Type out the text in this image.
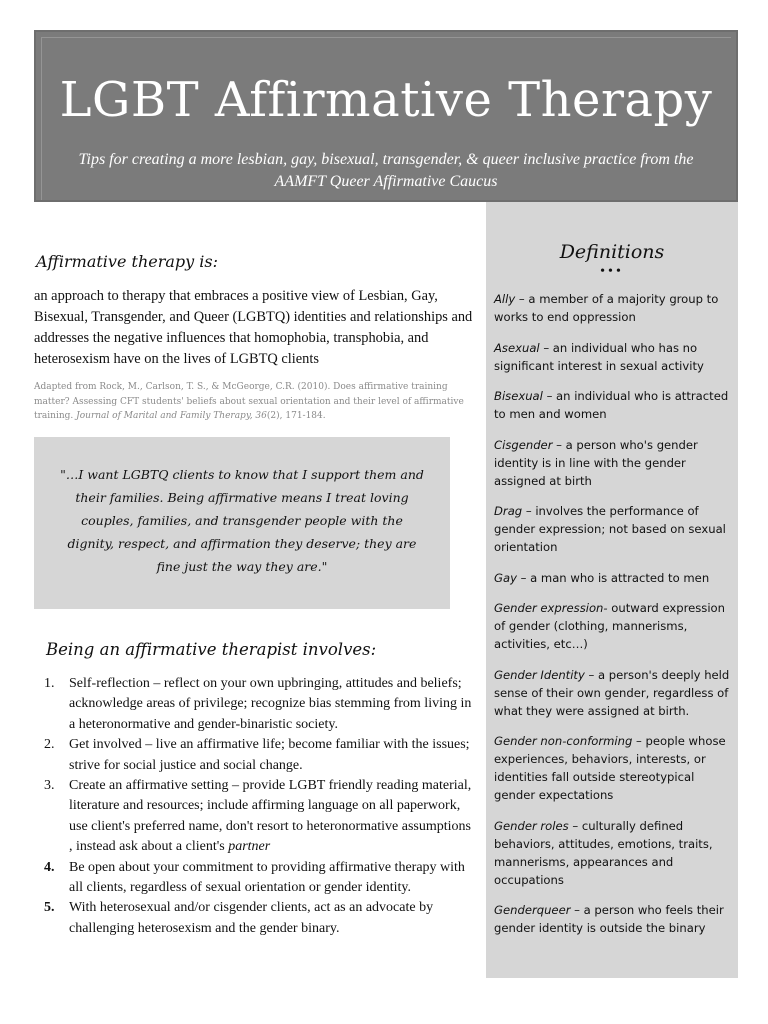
LGBT Affirmative Therapy
Tips for creating a more lesbian, gay, bisexual, transgender, & queer inclusive practice from the AAMFT Queer Affirmative Caucus
Affirmative therapy is:
an approach to therapy that embraces a positive view of Lesbian, Gay, Bisexual, Transgender, and Queer (LGBTQ) identities and relationships and addresses the negative influences that homophobia, transphobia, and heterosexism have on the lives of LGBTQ clients
Adapted from Rock, M., Carlson, T. S., & McGeorge, C.R. (2010). Does affirmative training matter? Assessing CFT students' beliefs about sexual orientation and their level of affirmative training. Journal of Marital and Family Therapy, 36(2), 171-184.
"…I want LGBTQ clients to know that I support them and their families. Being affirmative means I treat loving couples, families, and transgender people with the dignity, respect, and affirmation they deserve; they are fine just the way they are."
Being an affirmative therapist involves:
1. Self-reflection – reflect on your own upbringing, attitudes and beliefs; acknowledge areas of privilege; recognize bias stemming from living in a heteronormative and gender-binaristic society.
2. Get involved – live an affirmative life; become familiar with the issues; strive for social justice and social change.
3. Create an affirmative setting – provide LGBT friendly reading material, literature and resources; include affirming language on all paperwork, use client's preferred name, don't resort to heteronormative assumptions , instead ask about a client's partner
4. Be open about your commitment to providing affirmative therapy with all clients, regardless of sexual orientation or gender identity.
5. With heterosexual and/or cisgender clients, act as an advocate by challenging heterosexism and the gender binary.
Definitions
•••
Ally – a member of a majority group to works to end oppression
Asexual – an individual who has no significant interest in sexual activity
Bisexual – an individual who is attracted to men and women
Cisgender – a person who's gender identity is in line with the gender assigned at birth
Drag – involves the performance of gender expression; not based on sexual orientation
Gay – a man who is attracted to men
Gender expression- outward expression of gender (clothing, mannerisms, activities, etc…)
Gender Identity – a person's deeply held sense of their own gender, regardless of what they were assigned at birth.
Gender non-conforming – people whose experiences, behaviors, interests, or identities fall outside stereotypical gender expectations
Gender roles – culturally defined behaviors, attitudes, emotions, traits, mannerisms, appearances and occupations
Genderqueer – a person who feels their gender identity is outside the binary
